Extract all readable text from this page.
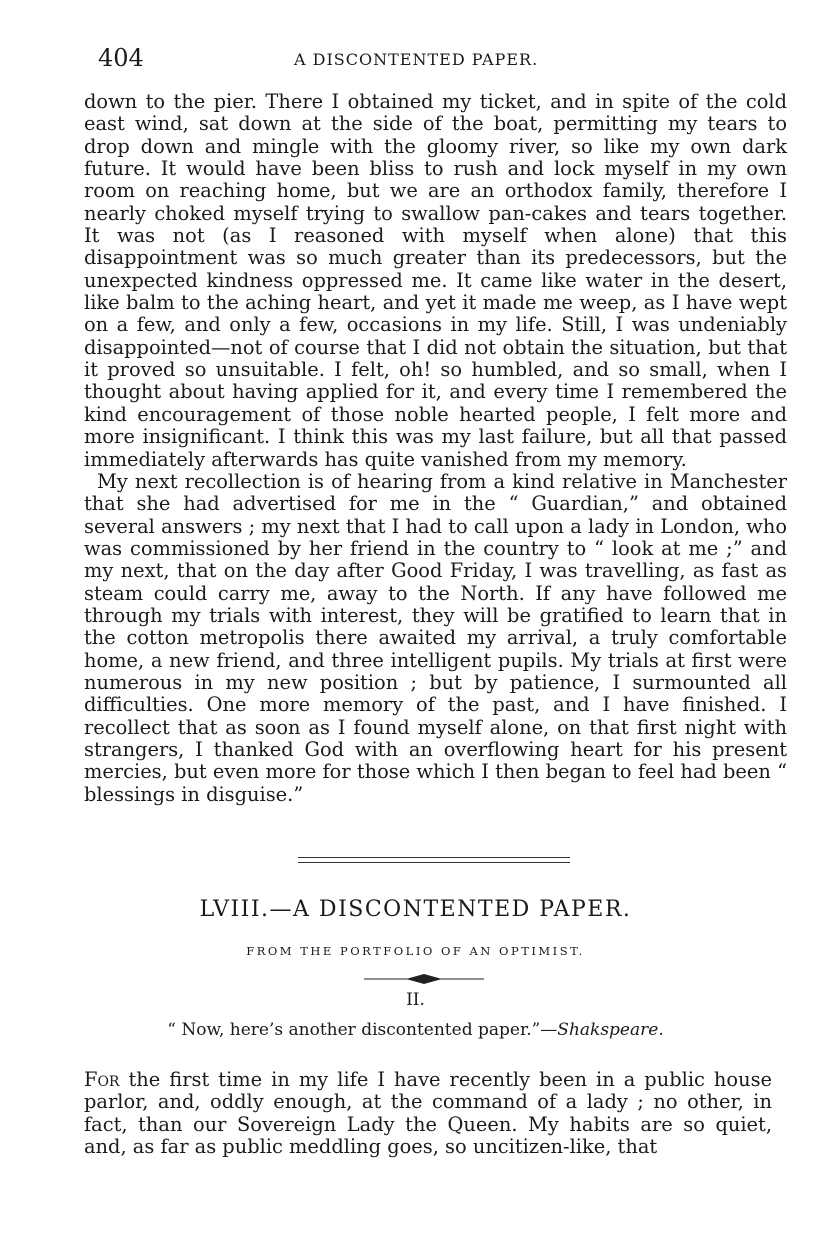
404	A DISCONTENTED PAPER.

down to the pier. There I obtained my ticket, and in spite of the cold east wind, sat down at the side of the boat, permitting my tears to drop down and mingle with the gloomy river, so like my own dark future. It would have been bliss to rush and lock myself in my own room on reaching home, but we are an orthodox family, therefore I nearly choked myself trying to swallow pan-cakes and tears together. It was not (as I reasoned with myself when alone) that this disappointment was so much greater than its predecessors, but the unexpected kindness oppressed me. It came like water in the desert, like balm to the aching heart, and yet it made me weep, as I have wept on a few, and only a few, occasions in my life. Still, I was undeniably disappointed—not of course that I did not obtain the situation, but that it proved so unsuitable. I felt, oh! so humbled, and so small, when I thought about having applied for it, and every time I remembered the kind encouragement of those noble hearted people, I felt more and more insignificant. I think this was my last failure, but all that passed immediately afterwards has quite vanished from my memory.

My next recollection is of hearing from a kind relative in Manchester that she had advertised for me in the “ Guardian,” and obtained several answers ; my next that I had to call upon a lady in London, who was commissioned by her friend in the country to “ look at me ;” and my next, that on the day after Good Friday, I was travelling, as fast as steam could carry me, away to the North. If any have followed me through my trials with interest, they will be gratified to learn that in the cotton metropolis there awaited my arrival, a truly comfortable home, a new friend, and three intelligent pupils. My trials at first were numerous in my new position ; but by patience, I surmounted all difficulties. One more memory of the past, and I have finished. I recollect that as soon as I found myself alone, on that first night with strangers, I thanked God with an overflowing heart for his present mercies, but even more for those which I then began to feel had been “ blessings in disguise.”

LVIII.—A DISCONTENTED PAPER.
FROM THE PORTFOLIO OF AN OPTIMIST.
II.
“ Now, here’s another discontented paper.”—Shakspeare.

For the first time in my life I have recently been in a public house parlor, and, oddly enough, at the command of a lady ; no other, in fact, than our Sovereign Lady the Queen. My habits are so quiet, and, as far as public meddling goes, so uncitizen-like, that
